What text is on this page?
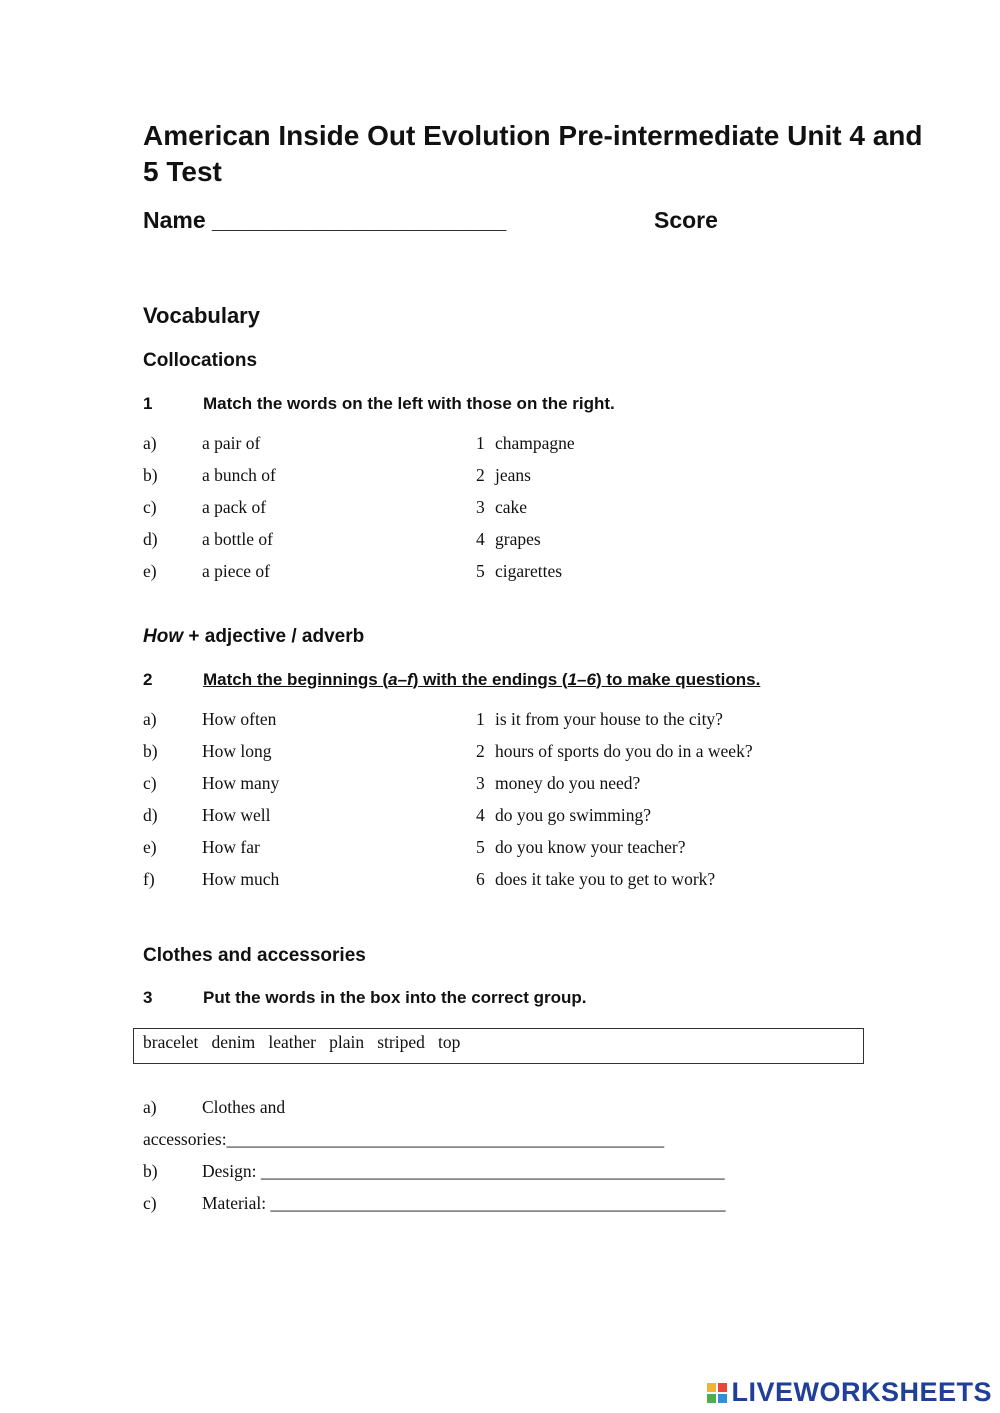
American Inside Out Evolution Pre-intermediate Unit 4 and 5 Test
Name _______________________	Score
Vocabulary
Collocations
1	Match the words on the left with those on the right.
a)	a pair of	1 champagne
b)	a bunch of	2 jeans
c)	a pack of	3 cake
d)	a bottle of	4 grapes
e)	a piece of	5 cigarettes
How + adjective / adverb
2	Match the beginnings (a–f) with the endings (1–6) to make questions.
a)	How often	1 is it from your house to the city?
b)	How long	2 hours of sports do you do in a week?
c)	How many	3 money do you need?
d)	How well	4 do you go swimming?
e)	How far	5 do you know your teacher?
f)	How much	6 does it take you to get to work?
Clothes and accessories
3	Put the words in the box into the correct group.
bracelet   denim   leather   plain   striped   top
a)	Clothes and
accessories:__________________________________________________
b)	Design: _____________________________________________________
c)	Material: ____________________________________________________
LIVEWORKSHEETS
